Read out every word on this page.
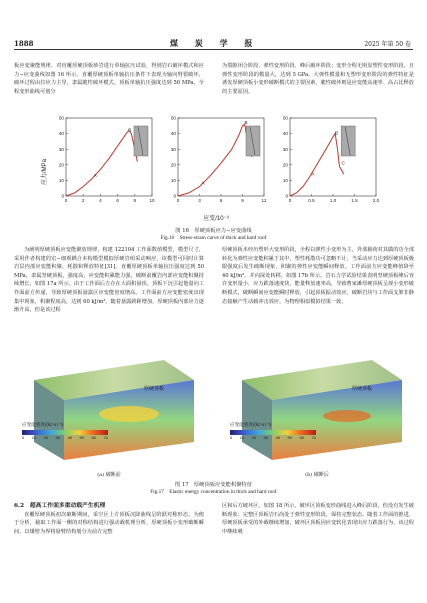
1888	煤 炭 学 报	2025 年第 50 卷

板应变聚能规律，对直覆厚硬顶板砂岩进行单轴抗压试验，得到岩石破坏模式和应力−应变曲线如图 16 所示。直覆厚硬顶板单轴抗压条件下表现为轴向劈裂破坏，破坏过程由拉应力主导，隶属脆性破坏模式。顶板单轴抗压强度达到 50 MPa，全程变形曲线可划分

为裂隙闭合阶段、弹性变形阶段、峰后破坏阶段；变形全程无明显塑性变形阶段，且弹性变形阶段的模量大，达到 5 GPa。大弹性模量和无塑形变形阶段的弹性特征是诱发厚硬顶板小变形破断模式的主要因素，脆性破坏则是应变能高速率、高占比释放的主要原因。

应力/MPa
应变/10⁻³
0
10
20
30
40
50
0	2	4	6	8	10
A
B
0
10
20
30
40
50
0	3	6	9	12
A
B
0
10
20
30
40
50
0	0.5	1.0	1.5	2.0
A
B
C
图 16　厚硬顶板应力−应变曲线
Fig.16　Stress-strain curve of thick and hard roof

为阐明厚硬顶板应变能聚放规律，构建 122104 工作面数值模型，模型尺寸，采用作者构建的宏−细观耦合本构模型模拟厚硬岩组采动响应，该模型可同时计算岩层内部应变能积聚、耗散和释放特征[31]。直覆厚硬顶板单轴抗压强度达到 50 MPa，隶属坚硬顶板。强度高，应变能积累能力强，破断前覆岩内部应变能积聚持续增长，如图 17a 所示。由于工作面后方存在大面积悬顶，顶板下沉引起他量向工作面前方传递，导致厚硬顶板悬露区应变能密度增高。工作面前方应变能密度出现集中现象，积聚程度高，达到 60 kJ/m³。随着悬露跨距增加，厚硬顶板内部应力逐渐升高，但是该过程

厚硬顶板未经历塑形大变形阶段，全程以弹性小变形为主，外部载荷对其做的功全部转化为弹性应变能积累于其中，塑性耗散功可忽略不计。当采动应力达到厚硬顶板极限强度后发生破断现象，积聚的弹性应变能瞬间释放。工作面前方应变能峰值降至 40 kJ/m³，并向深处转移，如图 17b 所示。岩石力学试验结果表明坚硬顶板峰后容许变形量小，应力跌落速度快，能量释放速率高，导致曹家滩厚硬顶板呈现小变形破断模式，破断瞬间应变能瞬时释放，引起顶板振动效应，破断岩块与工作面支架非静态接触产生动载冲击效应，为物理相似模拟结果一致。

厚硬顶板
应变能密度/(kJ·m⁻³)
0 10 20 30 40 50 60 70
(a) 破断前
厚硬顶板
应变能密度/(kJ·m⁻³)
0 10 20 30 40 50 60 70
(b) 破断后
图 17　厚硬顶板应变能积聚特征
Fig.17　Elastic energy concentration in thick and hard roof
6.2　超高工作面多重动载产生机理

直覆厚硬顶板初次破断期间，采空区上方顶板沉降曲线呈阶跃对称形态，为便于分析，截取工作面一侧的对称结构进行强动载机理分析。厚硬顶板小变形破断瞬间，以煤壁为界将悬臂结构划分为前方完整

区和后方破坏区，如图 18 所示。破坏区顶板变形曲线进入峰后阶段，但没有发生破断现象；完整区顶板岩石尚处于弹性变形阶段，保持完整状态。随着工作面的推进，厚硬顶板承受的外载继续增加，破坏区顶板因应变软化表现出应力跌落行为，该过程中继续吸
